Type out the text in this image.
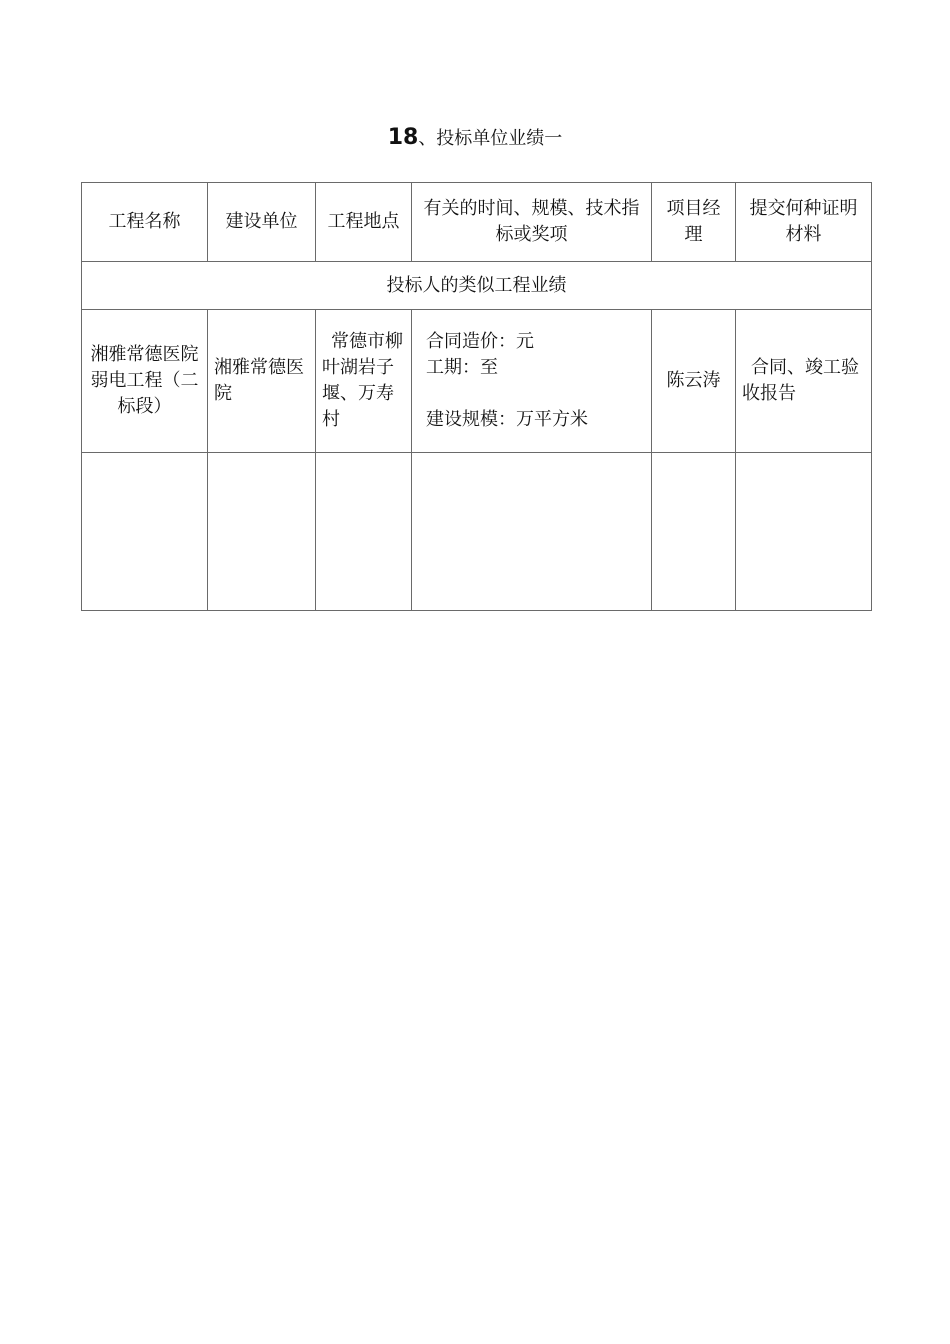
18、投标单位业绩一
工程名称	建设单位	工程地点	有关的时间、规模、技术指标或奖项	项目经理	提交何种证明材料

投标人的类似工程业绩					
湘雅常德医院弱电工程（二标段）	湘雅常德医院	常德市柳叶湖岩子堰、万寿村	合同造价：元
工期：至
建设规模：万平方米	陈云涛	合同、竣工验收报告
